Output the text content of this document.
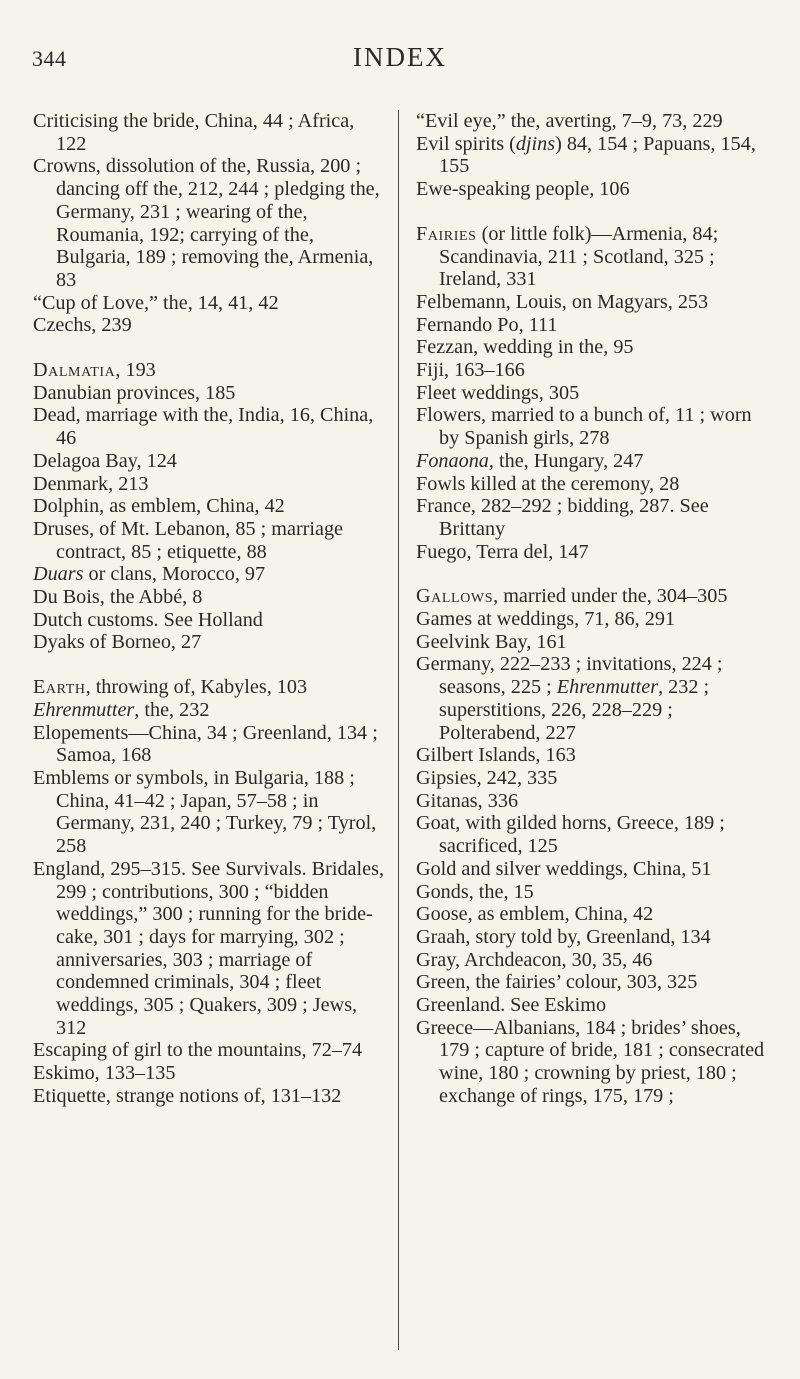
344	INDEX
Criticising the bride, China, 44 ; Africa, 122
Crowns, dissolution of the, Russia, 200 ; dancing off the, 212, 244 ; pledging the, Germany, 231 ; wearing of the, Roumania, 192; carrying of the, Bulgaria, 189 ; removing the, Armenia, 83
“Cup of Love,” the, 14, 41, 42
Czechs, 239
Dalmatia, 193
Danubian provinces, 185
Dead, marriage with the, India, 16, China, 46
Delagoa Bay, 124
Denmark, 213
Dolphin, as emblem, China, 42
Druses, of Mt. Lebanon, 85 ; marriage contract, 85 ; etiquette, 88
Duars or clans, Morocco, 97
Du Bois, the Abbé, 8
Dutch customs. See Holland
Dyaks of Borneo, 27
Earth, throwing of, Kabyles, 103
Ehrenmutter, the, 232
Elopements—China, 34 ; Greenland, 134 ; Samoa, 168
Emblems or symbols, in Bulgaria, 188 ; China, 41–42 ; Japan, 57–58 ; in Germany, 231, 240 ; Turkey, 79 ; Tyrol, 258
England, 295–315. See Survivals. Bridales, 299 ; contributions, 300 ; “bidden weddings,” 300 ; running for the bride-cake, 301 ; days for marrying, 302 ; anniversaries, 303 ; marriage of condemned criminals, 304 ; fleet weddings, 305 ; Quakers, 309 ; Jews, 312
Escaping of girl to the mountains, 72–74
Eskimo, 133–135
Etiquette, strange notions of, 131–132
“Evil eye,” the, averting, 7–9, 73, 229
Evil spirits (djins) 84, 154 ; Papuans, 154, 155
Ewe-speaking people, 106
Fairies (or little folk)—Armenia, 84; Scandinavia, 211 ; Scotland, 325 ; Ireland, 331
Felbemann, Louis, on Magyars, 253
Fernando Po, 111
Fezzan, wedding in the, 95
Fiji, 163–166
Fleet weddings, 305
Flowers, married to a bunch of, 11 ; worn by Spanish girls, 278
Fonaona, the, Hungary, 247
Fowls killed at the ceremony, 28
France, 282–292 ; bidding, 287. See Brittany
Fuego, Terra del, 147
Gallows, married under the, 304–305
Games at weddings, 71, 86, 291
Geelvink Bay, 161
Germany, 222–233 ; invitations, 224 ; seasons, 225 ; Ehrenmutter, 232 ; superstitions, 226, 228–229 ; Polterabend, 227
Gilbert Islands, 163
Gipsies, 242, 335
Gitanas, 336
Goat, with gilded horns, Greece, 189 ; sacrificed, 125
Gold and silver weddings, China, 51
Gonds, the, 15
Goose, as emblem, China, 42
Graah, story told by, Greenland, 134
Gray, Archdeacon, 30, 35, 46
Green, the fairies’ colour, 303, 325
Greenland. See Eskimo
Greece—Albanians, 184 ; brides’ shoes, 179 ; capture of bride, 181 ; consecrated wine, 180 ; crowning by priest, 180 ; exchange of rings, 175, 179 ;
